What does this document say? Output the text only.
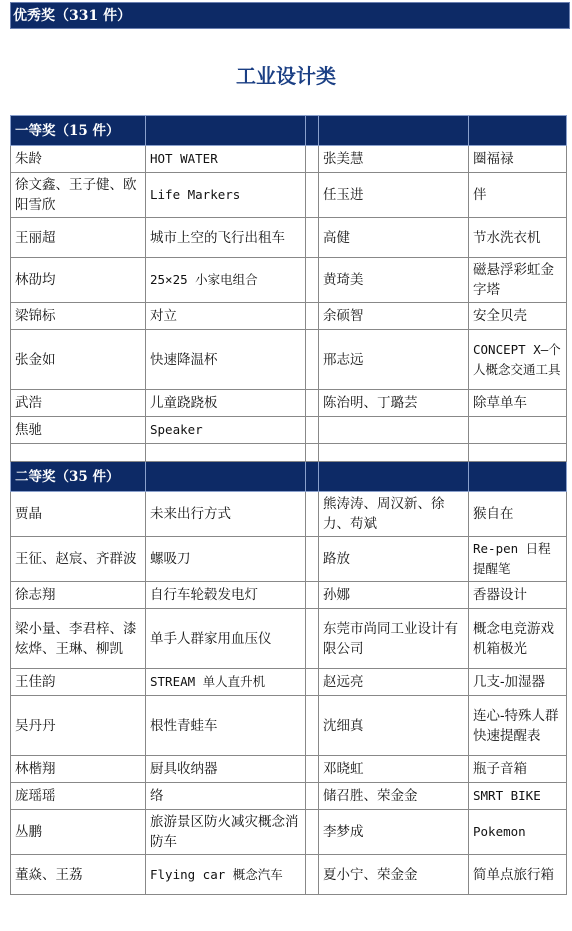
优秀奖（331 件）
工业设计类
一等奖（15 件）				
朱龄	HOT WATER		张美慧	圈福禄
徐文鑫、王子健、欧阳雪欣	Life Markers		任玉进	伴
王丽超	城市上空的飞行出租车		高健	节水洗衣机
林劭均	25×25 小家电组合		黄琦美	磁悬浮彩虹金字塔
梁锦标	对立		余硕智	安全贝壳
张金如	快速降温杯		邢志远	CONCEPT X—个人概念交通工具
武浩	儿童跷跷板		陈治明、丁璐芸	除草单车
焦驰	Speaker			

二等奖（35 件）				
贾晶	未来出行方式		熊涛涛、周汉新、徐力、苟斌	猴自在
王征、赵宸、齐群波	螺吸刀		路放	Re-pen 日程提醒笔
徐志翔	自行车轮毂发电灯		孙娜	香器设计
梁小量、李君梓、漆炫烨、王琳、柳凯	单手人群家用血压仪		东莞市尚同工业设计有限公司	概念电竞游戏机箱极光
王佳韵	STREAM 单人直升机		赵远亮	几支-加湿器
吴丹丹	根性青蛙车		沈细真	连心-特殊人群快速提醒表
林楷翔	厨具收纳器		邓晓虹	瓶子音箱
庞瑶瑶	络		储召胜、荣金金	SMRT BIKE
丛鹏	旅游景区防火减灾概念消防车		李梦成	Pokemon
董焱、王荔	Flying car 概念汽车		夏小宁、荣金金	简单点旅行箱
